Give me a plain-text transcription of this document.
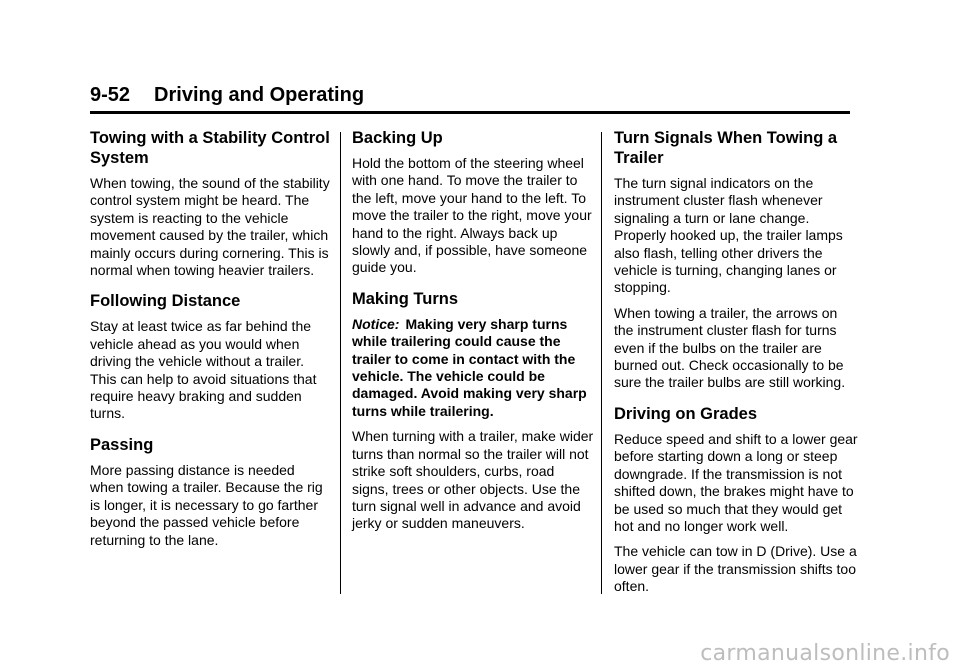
9-52 Driving and Operating
Towing with a Stability Control System

When towing, the sound of the stability control system might be heard. The system is reacting to the vehicle movement caused by the trailer, which mainly occurs during cornering. This is normal when towing heavier trailers.

Following Distance

Stay at least twice as far behind the vehicle ahead as you would when driving the vehicle without a trailer. This can help to avoid situations that require heavy braking and sudden turns.

Passing

More passing distance is needed when towing a trailer. Because the rig is longer, it is necessary to go farther beyond the passed vehicle before returning to the lane.

Backing Up

Hold the bottom of the steering wheel with one hand. To move the trailer to the left, move your hand to the left. To move the trailer to the right, move your hand to the right. Always back up slowly and, if possible, have someone guide you.

Making Turns

Notice: Making very sharp turns while trailering could cause the trailer to come in contact with the vehicle. The vehicle could be damaged. Avoid making very sharp turns while trailering.

When turning with a trailer, make wider turns than normal so the trailer will not strike soft shoulders, curbs, road signs, trees or other objects. Use the turn signal well in advance and avoid jerky or sudden maneuvers.

Turn Signals When Towing a Trailer

The turn signal indicators on the instrument cluster flash whenever signaling a turn or lane change. Properly hooked up, the trailer lamps also flash, telling other drivers the vehicle is turning, changing lanes or stopping.

When towing a trailer, the arrows on the instrument cluster flash for turns even if the bulbs on the trailer are burned out. Check occasionally to be sure the trailer bulbs are still working.

Driving on Grades

Reduce speed and shift to a lower gear before starting down a long or steep downgrade. If the transmission is not shifted down, the brakes might have to be used so much that they would get hot and no longer work well.

The vehicle can tow in D (Drive). Use a lower gear if the transmission shifts too often.

carmanualsonline.info
